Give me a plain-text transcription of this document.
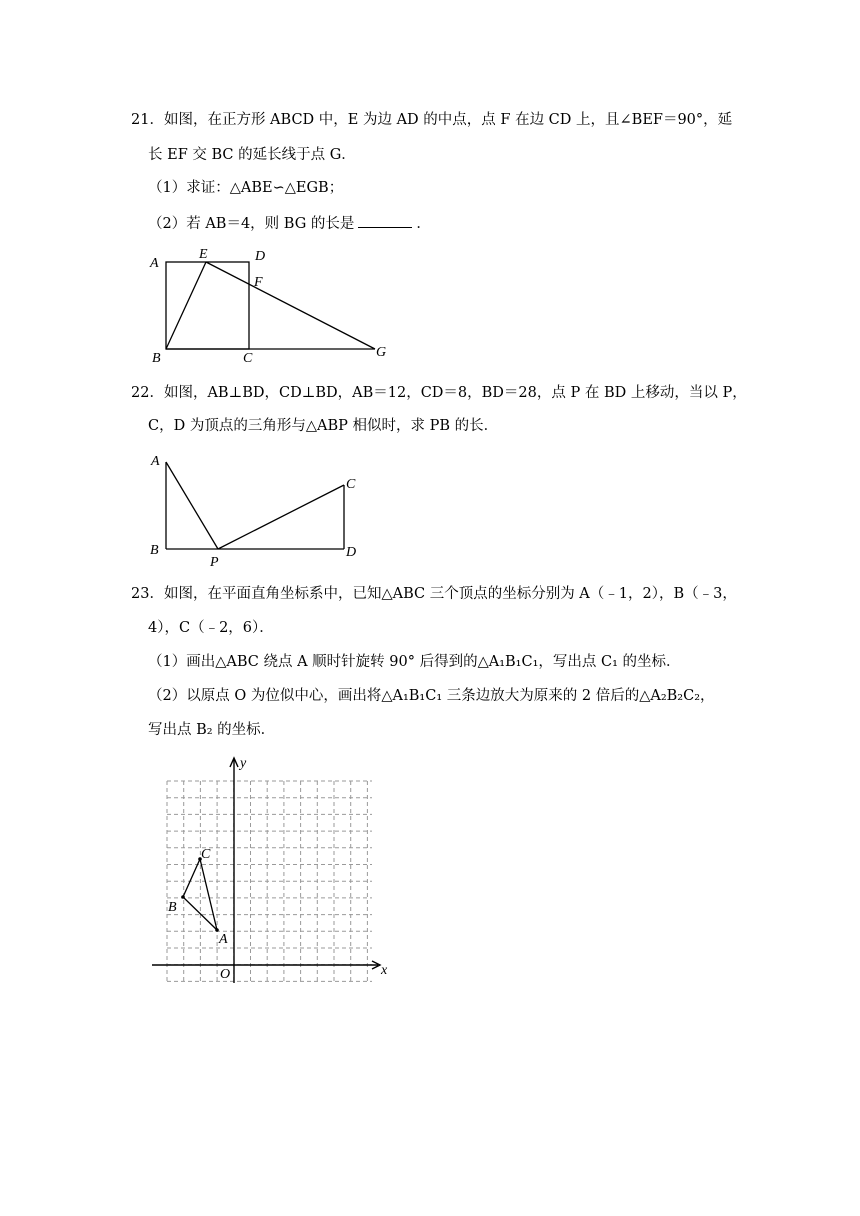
21．如图，在正方形 ABCD 中，E 为边 AD 的中点，点 F 在边 CD 上，且∠BEF＝90°，延
长 EF 交 BC 的延长线于点 G．
（1）求证：△ABE∽△EGB；
（2）若 AB＝4，则 BG 的长是	．
A
E	D
F
B	C	G
22．如图，AB⊥BD，CD⊥BD，AB＝12，CD＝8，BD＝28，点 P 在 BD 上移动，当以 P，
C，D 为顶点的三角形与△ABP 相似时，求 PB 的长．
A
B
P
C
D
23．如图，在平面直角坐标系中，已知△ABC 三个顶点的坐标分别为 A（﹣1，2），B（﹣3，
4），C（﹣2，6）．
（1）画出△ABC 绕点 A 顺时针旋转 90° 后得到的△A₁B₁C₁，写出点 C₁ 的坐标．
（2）以原点 O 为位似中心，画出将△A₁B₁C₁ 三条边放大为原来的 2 倍后的△A₂B₂C₂，
写出点 B₂ 的坐标．
x
y
O
A
B
C
